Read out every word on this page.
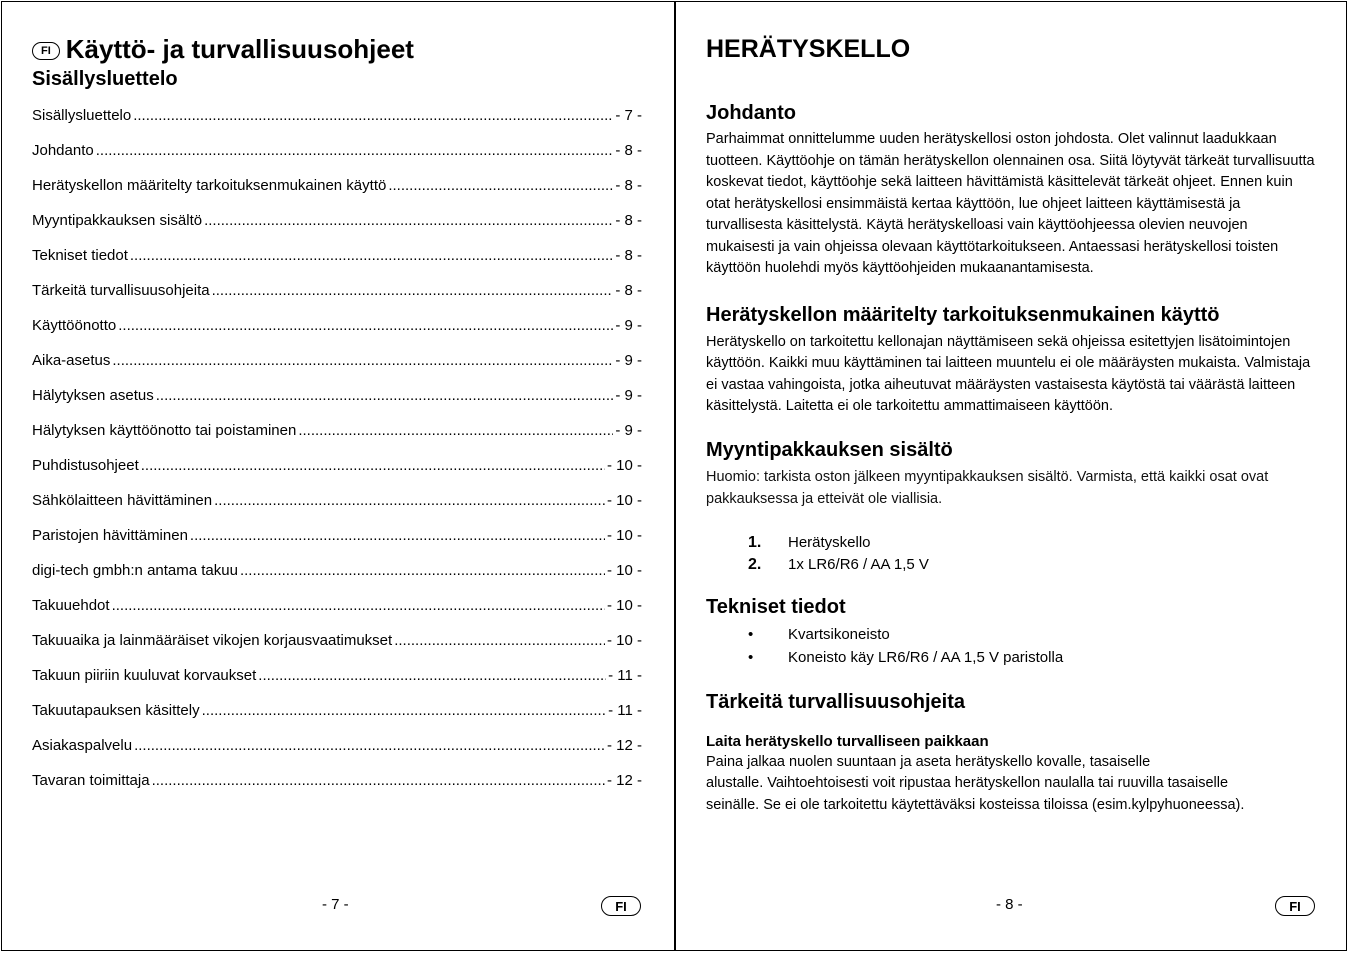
FI Käyttö- ja turvallisuusohjeet
Sisällysluettelo
Sisällysluettelo .....	- 7 -
Johdanto .....	- 8 -
Herätyskellon määritelty tarkoituksenmukainen käyttö .....	- 8 -
Myyntipakkauksen sisältö .....	- 8 -
Tekniset tiedot .....	- 8 -
Tärkeitä turvallisuusohjeita .....	- 8 -
Käyttöönotto .....	- 9 -
Aika-asetus .....	- 9 -
Hälytyksen asetus .....	- 9 -
Hälytyksen käyttöönotto tai poistaminen .....	- 9 -
Puhdistusohjeet .....	- 10 -
Sähkölaitteen hävittäminen .....	- 10 -
Paristojen hävittäminen .....	- 10 -
digi-tech gmbh:n antama takuu .....	- 10 -
Takuuehdot .....	- 10 -
Takuuaika ja lainmääräiset vikojen korjausvaatimukset .....	- 10 -
Takuun piiriin kuuluvat korvaukset .....	- 11 -
Takuutapauksen käsittely .....	- 11 -
Asiakaspalvelu .....	- 12 -
Tavaran toimittaja .....	- 12 -
- 7 -	FI
HERÄTYSKELLO
Johdanto

Parhaimmat onnittelumme uuden herätyskellosi oston johdosta. Olet valinnut laadukkaan tuotteen. Käyttöohje on tämän herätyskellon olennainen osa. Siitä löytyvät tärkeät turvallisuutta koskevat tiedot, käyttöohje sekä laitteen hävittämistä käsittelevät tärkeät ohjeet. Ennen kuin otat herätyskellosi ensimmäistä kertaa käyttöön, lue ohjeet laitteen käyttämisestä ja turvallisesta käsittelystä. Käytä herätyskelloasi vain käyttöohjeessa olevien neuvojen mukaisesti ja vain ohjeissa olevaan käyttötarkoitukseen. Antaessasi herätyskellosi toisten käyttöön huolehdi myös käyttöohjeiden mukaanantamisesta.

Herätyskellon määritelty tarkoituksenmukainen käyttö

Herätyskello on tarkoitettu kellonajan näyttämiseen sekä ohjeissa esitettyjen lisätoimintojen käyttöön. Kaikki muu käyttäminen tai laitteen muuntelu ei ole määräysten mukaista. Valmistaja ei vastaa vahingoista, jotka aiheutuvat määräysten vastaisesta käytöstä tai väärästä laitteen käsittelystä. Laitetta ei ole tarkoitettu ammattimaiseen käyttöön.

Myyntipakkauksen sisältö

Huomio: tarkista oston jälkeen myyntipakkauksen sisältö. Varmista, että kaikki osat ovat pakkauksessa ja etteivät ole viallisia.

1.	Herätyskello
2.	1x LR6/R6 / AA 1,5 V
Tekniset tiedot
•	Kvartsikoneisto
•	Koneisto käy LR6/R6 / AA 1,5 V paristolla
Tärkeitä turvallisuusohjeita
Laita herätyskello turvalliseen paikkaan
Paina jalkaa nuolen suuntaan ja aseta herätyskello kovalle, tasaiselle
alustalle. Vaihtoehtoisesti voit ripustaa herätyskellon naulalla tai ruuvilla tasaiselle
seinälle. Se ei ole tarkoitettu käytettäväksi kosteissa tiloissa (esim.kylpyhuoneessa).
- 8 -	FI
